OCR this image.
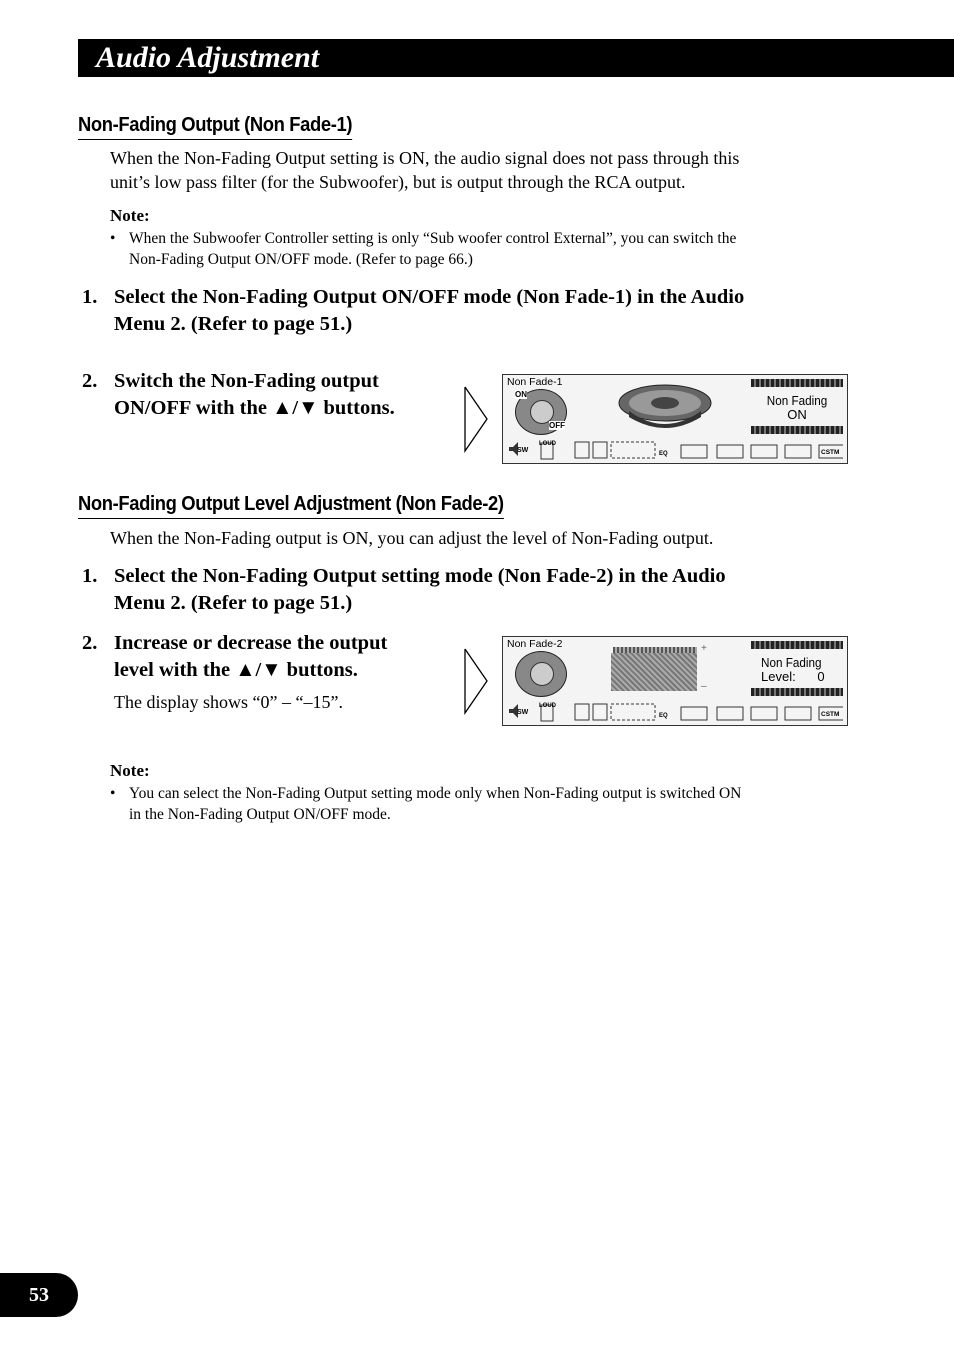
Audio Adjustment
Non-Fading Output (Non Fade-1)
When the Non-Fading Output setting is ON, the audio signal does not pass through this
unit’s low pass filter (for the Subwoofer), but is output through the RCA output.
Note:
• When the Subwoofer Controller setting is only “Sub woofer control External”, you can switch the
Non-Fading Output ON/OFF mode. (Refer to page 66.)
1. Select the Non-Fading Output ON/OFF mode (Non Fade-1) in the Audio
Menu 2. (Refer to page 51.)
2. Switch the Non-Fading output
ON/OFF with the ▲/▼ buttons.
Non Fade-1
ON
OFF
Non Fading
ON
SW
LOUD
EQ	CSTM
Non-Fading Output Level Adjustment (Non Fade-2)
When the Non-Fading output is ON, you can adjust the level of Non-Fading output.
1. Select the Non-Fading Output setting mode (Non Fade-2) in the Audio
Menu 2. (Refer to page 51.)
2. Increase or decrease the output
level with the ▲/▼ buttons.
The display shows “0” – “–15”.
Non Fade-2	+
–
Non Fading
Level:      0
SW
LOUD
EQ	CSTM
Note:
• You can select the Non-Fading Output setting mode only when Non-Fading output is switched ON
in the Non-Fading Output ON/OFF mode.
53
